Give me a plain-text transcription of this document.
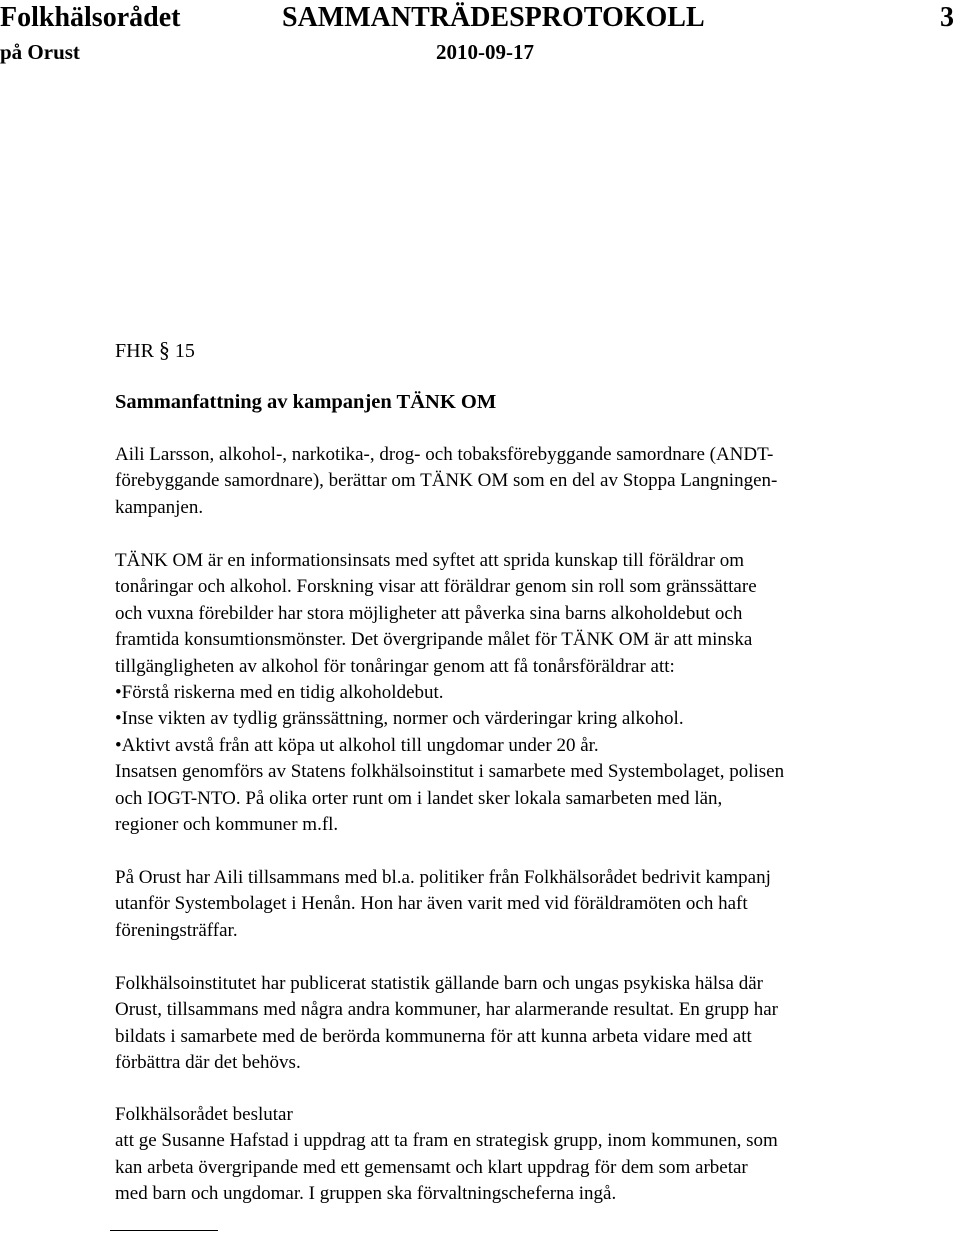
Folkhälsorådet	SAMMANTRÄDESPROTOKOLL	3
på Orust	2010-09-17
FHR § 15
Sammanfattning av kampanjen TÄNK OM
Aili Larsson, alkohol-, narkotika-, drog- och tobaksförebyggande samordnare (ANDT-
förebyggande samordnare), berättar om TÄNK OM som en del av Stoppa Langningen-
kampanjen.
TÄNK OM är en informationsinsats med syftet att sprida kunskap till föräldrar om
tonåringar och alkohol. Forskning visar att föräldrar genom sin roll som gränssättare
och vuxna förebilder har stora möjligheter att påverka sina barns alkoholdebut och
framtida konsumtionsmönster. Det övergripande målet för TÄNK OM är att minska
tillgängligheten av alkohol för tonåringar genom att få tonårsföräldrar att:
•Förstå riskerna med en tidig alkoholdebut.
•Inse vikten av tydlig gränssättning, normer och värderingar kring alkohol.
•Aktivt avstå från att köpa ut alkohol till ungdomar under 20 år.
Insatsen genomförs av Statens folkhälsoinstitut i samarbete med Systembolaget, polisen
och IOGT-NTO. På olika orter runt om i landet sker lokala samarbeten med län,
regioner och kommuner m.fl.
På Orust har Aili tillsammans med bl.a. politiker från Folkhälsorådet bedrivit kampanj
utanför Systembolaget i Henån. Hon har även varit med vid föräldramöten och haft
föreningsträffar.
Folkhälsoinstitutet har publicerat statistik gällande barn och ungas psykiska hälsa där
Orust, tillsammans med några andra kommuner, har alarmerande resultat. En grupp har
bildats i samarbete med de berörda kommunerna för att kunna arbeta vidare med att
förbättra där det behövs.
Folkhälsorådet beslutar
att ge Susanne Hafstad i uppdrag att ta fram en strategisk grupp, inom kommunen, som
kan arbeta övergripande med ett gemensamt och klart uppdrag för dem som arbetar
med barn och ungdomar. I gruppen ska förvaltningscheferna ingå.
